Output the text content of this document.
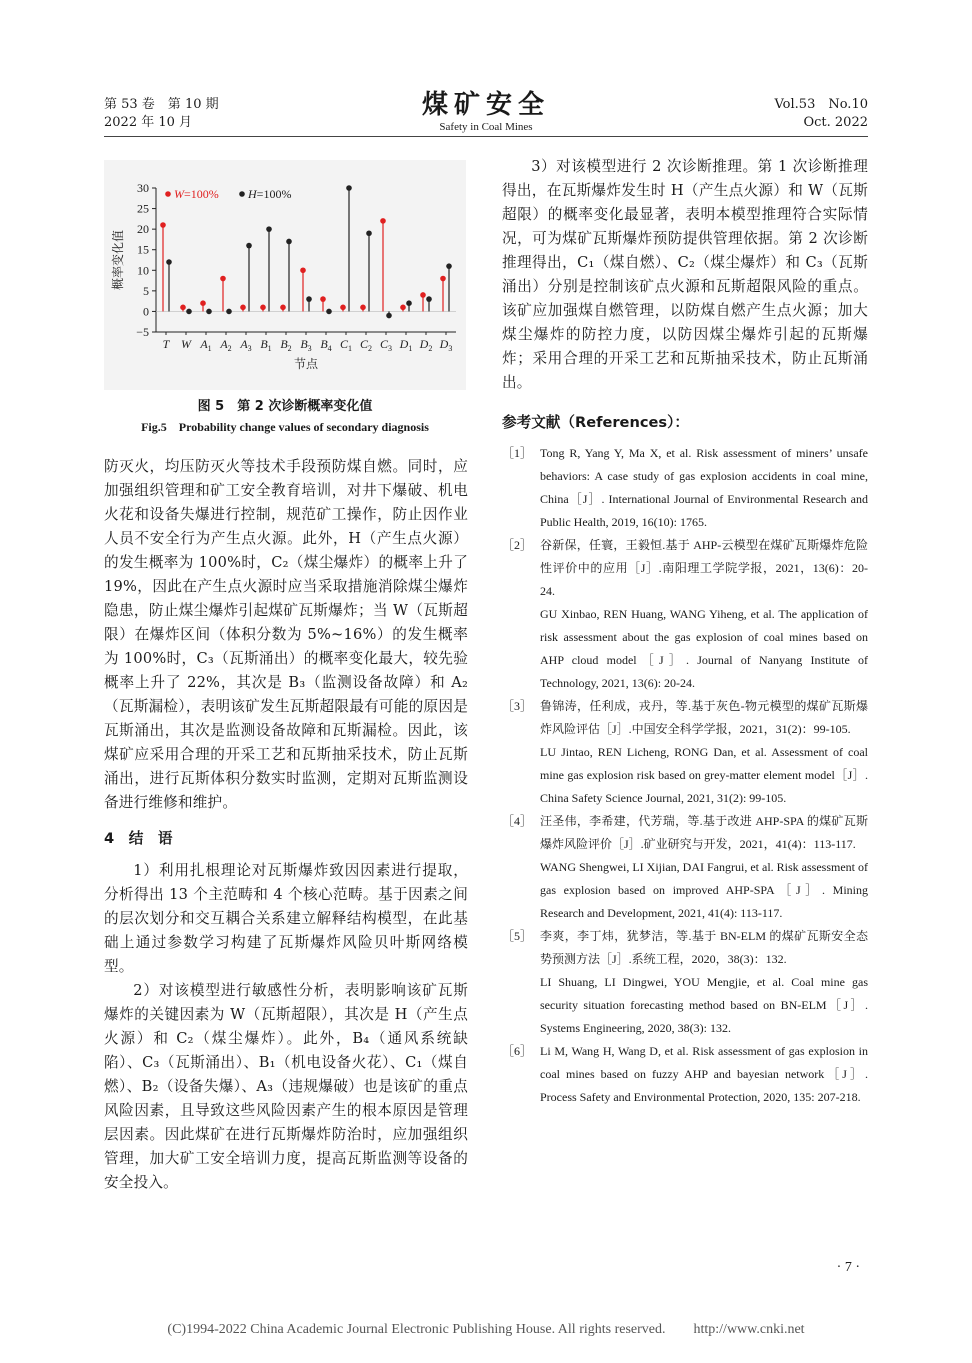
第 53 卷　第 10 期
2022 年 10 月
煤矿安全
Safety in Coal Mines
Vol.53　No.10
Oct. 2022
−5
0
5
10
15
20
25
30
T W $A_1$ $A_2$ $A_3$ $B_1$ $B_2$ $B_3$ $B_4$ $C_1$ $C_2$ $C_3$ $D_1$ $D_2$ $D_3$
节点
概率变化值
W=100% H=100%
图 5　第 2 次诊断概率变化值
Fig.5　Probability change values of secondary diagnosis

防灭火，均压防灭火等技术手段预防煤自燃。同时，应加强组织管理和矿工安全教育培训，对井下爆破、机电火花和设备失爆进行控制，规范矿工操作，防止因作业人员不安全行为产生点火源。此外，H（产生点火源）的发生概率为 100%时，C₂（煤尘爆炸）的概率上升了 19%，因此在产生点火源时应当采取措施消除煤尘爆炸隐患，防止煤尘爆炸引起煤矿瓦斯爆炸；当 W（瓦斯超限）在爆炸区间（体积分数为 5%~16%）的发生概率为 100%时，C₃（瓦斯涌出）的概率变化最大，较先验概率上升了 22%，其次是 B₃（监测设备故障）和 A₂（瓦斯漏检），表明该矿发生瓦斯超限最有可能的原因是瓦斯涌出，其次是监测设备故障和瓦斯漏检。因此，该煤矿应采用合理的开采工艺和瓦斯抽采技术，防止瓦斯涌出，进行瓦斯体积分数实时监测，定期对瓦斯监测设备进行维修和维护。

4　结　语

1）利用扎根理论对瓦斯爆炸致因因素进行提取，分析得出 13 个主范畴和 4 个核心范畴。基于因素之间的层次划分和交互耦合关系建立解释结构模型，在此基础上通过参数学习构建了瓦斯爆炸风险贝叶斯网络模型。

2）对该模型进行敏感性分析，表明影响该矿瓦斯爆炸的关键因素为 W（瓦斯超限），其次是 H（产生点火源）和 C₂（煤尘爆炸）。此外，B₄（通风系统缺陷）、C₃（瓦斯涌出）、B₁（机电设备火花）、C₁（煤自燃）、B₂（设备失爆）、A₃（违规爆破）也是该矿的重点风险因素，且导致这些风险因素产生的根本原因是管理层因素。因此煤矿在进行瓦斯爆炸防治时，应加强组织管理，加大矿工安全培训力度，提高瓦斯监测等设备的安全投入。

3）对该模型进行 2 次诊断推理。第 1 次诊断推理得出，在瓦斯爆炸发生时 H（产生点火源）和 W（瓦斯超限）的概率变化最显著，表明本模型推理符合实际情况，可为煤矿瓦斯爆炸预防提供管理依据。第 2 次诊断推理得出，C₁（煤自燃）、C₂（煤尘爆炸）和 C₃（瓦斯涌出）分别是控制该矿点火源和瓦斯超限风险的重点。该矿应加强煤自燃管理，以防煤自燃产生点火源；加大煤尘爆炸的防控力度，以防因煤尘爆炸引起的瓦斯爆炸；采用合理的开采工艺和瓦斯抽采技术，防止瓦斯涌出。

参考文献（References）：
［1］ Tong R, Yang Y, Ma X, et al. Risk assessment of miners’ unsafe behaviors: A case study of gas explosion accidents in coal mine, China［J］. International Journal of Environmental Research and Public Health, 2019, 16(10): 1765.

［2］ 谷新保，任寰，王毅恒.基于 AHP-云模型在煤矿瓦斯爆炸危险性评价中的应用［J］.南阳理工学院学报，2021，13(6)：20-24.

GU Xinbao, REN Huang, WANG Yiheng, et al. The application of risk assessment about the gas explosion of coal mines based on AHP cloud model［J］. Journal of Nanyang Institute of Technology, 2021, 13(6): 20-24.

［3］ 鲁锦涛，任利成，戎丹，等.基于灰色-物元模型的煤矿瓦斯爆炸风险评估［J］.中国安全科学学报，2021，31(2)：99-105.

LU Jintao, REN Licheng, RONG Dan, et al. Assessment of coal mine gas explosion risk based on grey-matter element model［J］. China Safety Science Journal, 2021, 31(2): 99-105.

［4］ 汪圣伟，李希建，代芳瑞，等.基于改进 AHP-SPA 的煤矿瓦斯爆炸风险评价［J］.矿业研究与开发，2021，41(4)：113-117.

WANG Shengwei, LI Xijian, DAI Fangrui, et al. Risk assessment of gas explosion based on improved AHP-SPA［J］. Mining Research and Development, 2021, 41(4): 113-117.

［5］ 李爽，李丁炜，犹梦洁，等.基于 BN-ELM 的煤矿瓦斯安全态势预测方法［J］.系统工程，2020，38(3)：132.

LI Shuang, LI Dingwei, YOU Mengjie, et al. Coal mine gas security situation forecasting method based on BN-ELM［J］. Systems Engineering, 2020, 38(3): 132.

［6］ Li M, Wang H, Wang D, et al. Risk assessment of gas explosion in coal mines based on fuzzy AHP and bayesian network［J］. Process Safety and Environmental Protection, 2020, 135: 207-218.

· 7 ·
(C)1994-2022 China Academic Journal Electronic Publishing House. All rights reserved.　　http://www.cnki.net
